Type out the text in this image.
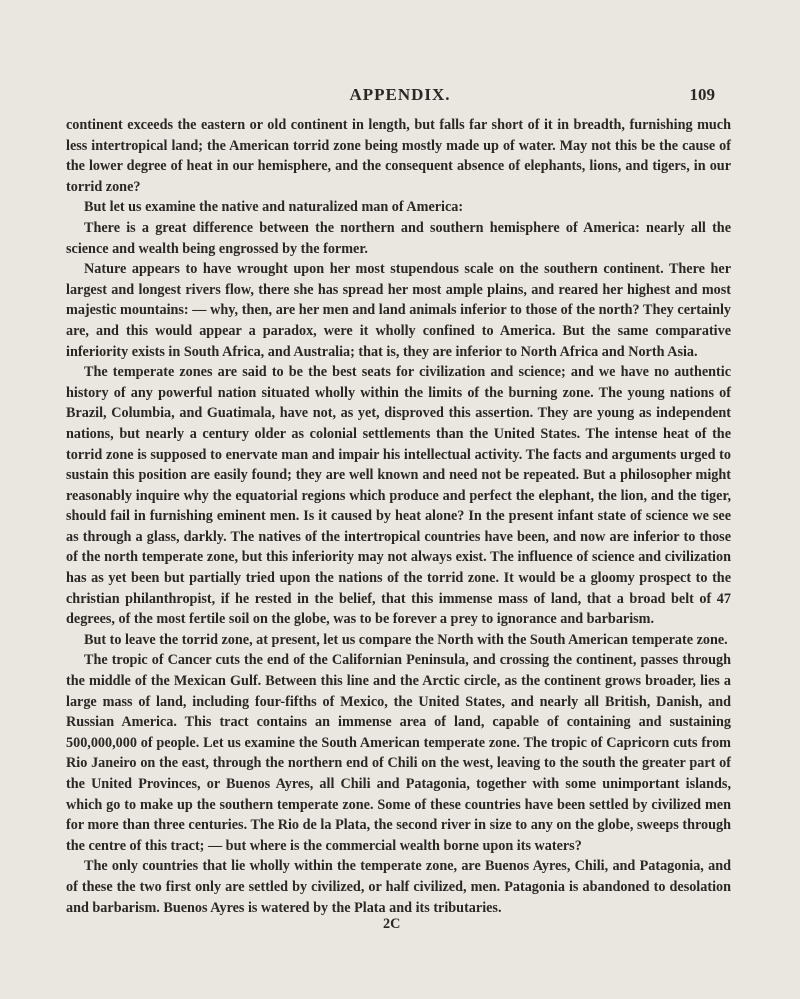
APPENDIX.	109

continent exceeds the eastern or old continent in length, but falls far short of it in breadth, furnishing much less intertropical land; the American torrid zone being mostly made up of water. May not this be the cause of the lower degree of heat in our hemisphere, and the consequent absence of elephants, lions, and tigers, in our torrid zone?

But let us examine the native and naturalized man of America:

There is a great difference between the northern and southern hemisphere of America: nearly all the science and wealth being engrossed by the former.

Nature appears to have wrought upon her most stupendous scale on the southern continent. There her largest and longest rivers flow, there she has spread her most ample plains, and reared her highest and most majestic mountains: — why, then, are her men and land animals inferior to those of the north? They certainly are, and this would appear a paradox, were it wholly confined to America. But the same comparative inferiority exists in South Africa, and Australia; that is, they are inferior to North Africa and North Asia.

The temperate zones are said to be the best seats for civilization and science; and we have no authentic history of any powerful nation situated wholly within the limits of the burning zone. The young nations of Brazil, Columbia, and Guatimala, have not, as yet, disproved this assertion. They are young as independent nations, but nearly a century older as colonial settlements than the United States. The intense heat of the torrid zone is supposed to enervate man and impair his intellectual activity. The facts and arguments urged to sustain this position are easily found; they are well known and need not be repeated. But a philosopher might reasonably inquire why the equatorial regions which produce and perfect the elephant, the lion, and the tiger, should fail in furnishing eminent men. Is it caused by heat alone? In the present infant state of science we see as through a glass, darkly. The natives of the intertropical countries have been, and now are inferior to those of the north temperate zone, but this inferiority may not always exist. The influence of science and civilization has as yet been but partially tried upon the nations of the torrid zone. It would be a gloomy prospect to the christian philanthropist, if he rested in the belief, that this immense mass of land, that a broad belt of 47 degrees, of the most fertile soil on the globe, was to be forever a prey to ignorance and barbarism.

But to leave the torrid zone, at present, let us compare the North with the South American temperate zone.

The tropic of Cancer cuts the end of the Californian Peninsula, and crossing the continent, passes through the middle of the Mexican Gulf. Between this line and the Arctic circle, as the continent grows broader, lies a large mass of land, including four-fifths of Mexico, the United States, and nearly all British, Danish, and Russian America. This tract contains an immense area of land, capable of containing and sustaining 500,000,000 of people. Let us examine the South American temperate zone. The tropic of Capricorn cuts from Rio Janeiro on the east, through the northern end of Chili on the west, leaving to the south the greater part of the United Provinces, or Buenos Ayres, all Chili and Patagonia, together with some unimportant islands, which go to make up the southern temperate zone. Some of these countries have been settled by civilized men for more than three centuries. The Rio de la Plata, the second river in size to any on the globe, sweeps through the centre of this tract; — but where is the commercial wealth borne upon its waters?

The only countries that lie wholly within the temperate zone, are Buenos Ayres, Chili, and Patagonia, and of these the two first only are settled by civilized, or half civilized, men. Patagonia is abandoned to desolation and barbarism. Buenos Ayres is watered by the Plata and its tributaries.

2C
